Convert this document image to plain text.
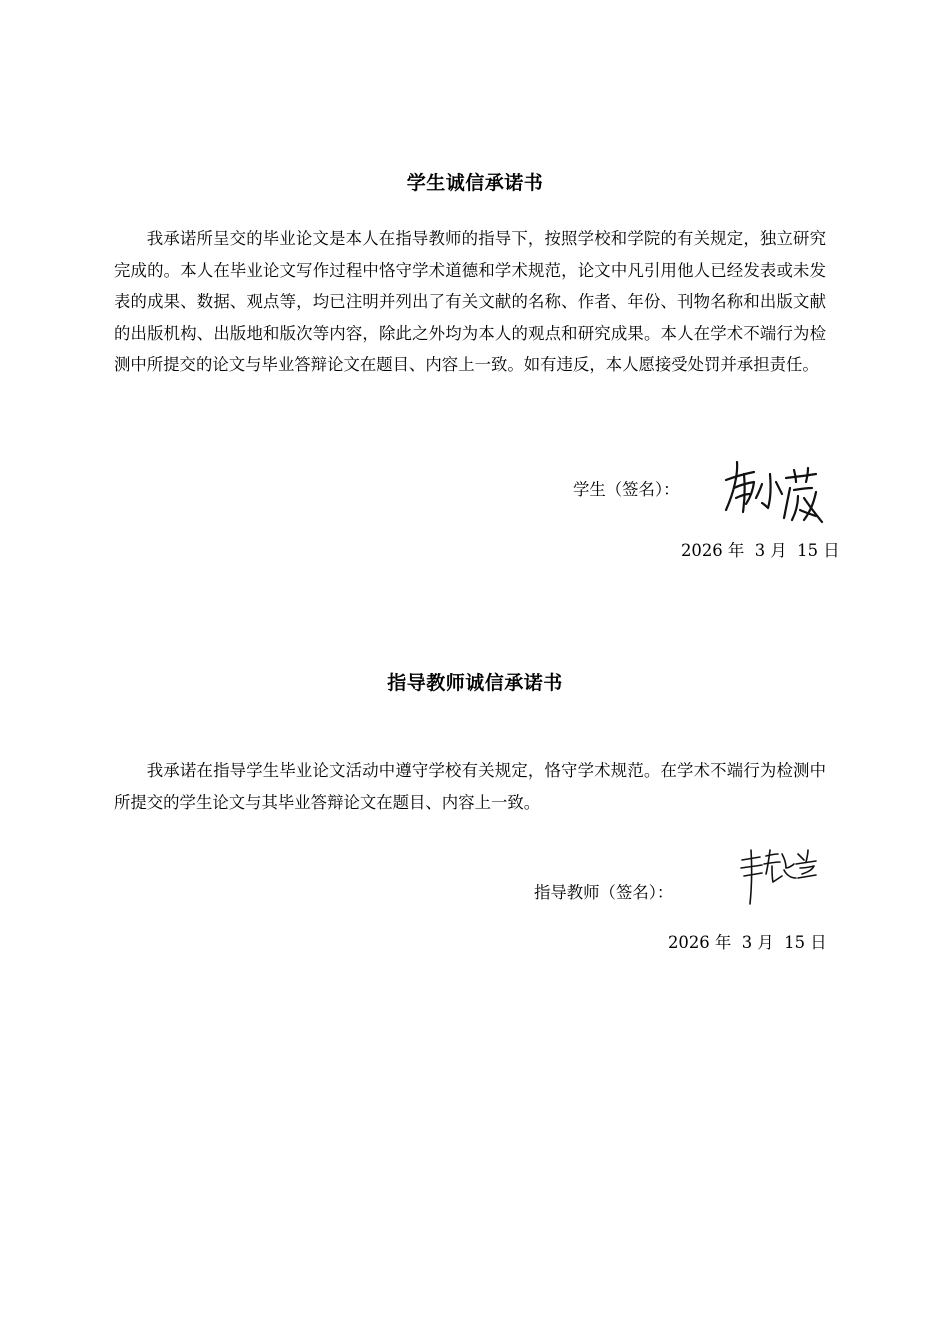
学生诚信承诺书
我承诺所呈交的毕业论文是本人在指导教师的指导下，按照学校和学院的有关规定，独立研究完成的。本人在毕业论文写作过程中恪守学术道德和学术规范，论文中凡引用他人已经发表或未发表的成果、数据、观点等，均已注明并列出了有关文献的名称、作者、年份、刊物名称和出版文献的出版机构、出版地和版次等内容，除此之外均为本人的观点和研究成果。本人在学术不端行为检测中所提交的论文与毕业答辩论文在题目、内容上一致。如有违反，本人愿接受处罚并承担责任。
学生（签名）：
2026 年  3 月  15 日
指导教师诚信承诺书
我承诺在指导学生毕业论文活动中遵守学校有关规定，恪守学术规范。在学术不端行为检测中所提交的学生论文与其毕业答辩论文在题目、内容上一致。
指导教师（签名）：
2026 年  3 月  15 日
